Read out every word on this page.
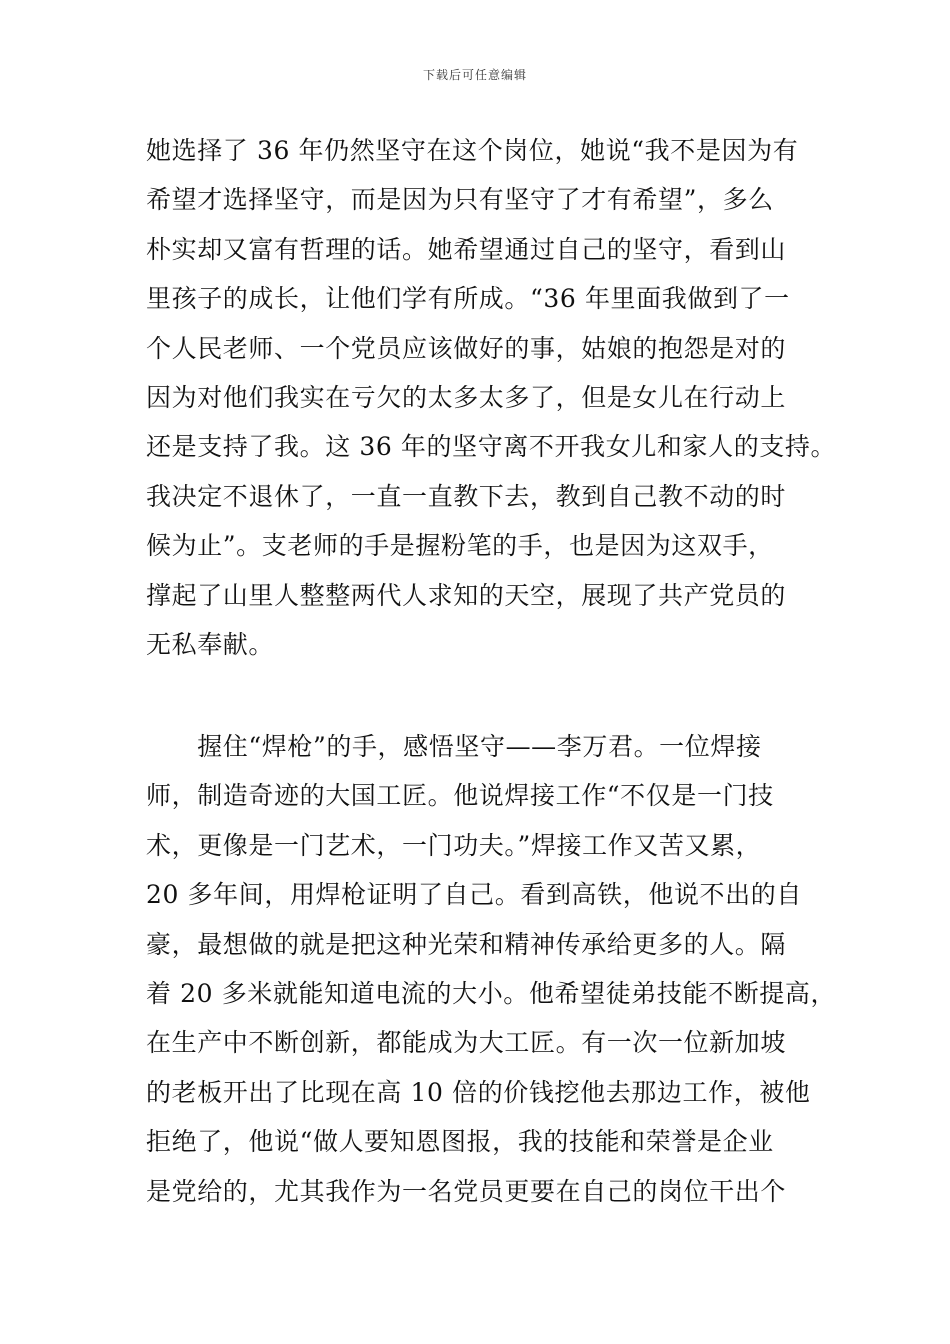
下载后可任意编辑
她选择了 36 年仍然坚守在这个岗位，她说“我不是因为有
希望才选择坚守，而是因为只有坚守了才有希望”，多么
朴实却又富有哲理的话。她希望通过自己的坚守，看到山
里孩子的成长，让他们学有所成。“36 年里面我做到了一
个人民老师、一个党员应该做好的事，姑娘的抱怨是对的
因为对他们我实在亏欠的太多太多了，但是女儿在行动上
还是支持了我。这 36 年的坚守离不开我女儿和家人的支持。
我决定不退休了，一直一直教下去，教到自己教不动的时
候为止”。支老师的手是握粉笔的手，也是因为这双手，
撑起了山里人整整两代人求知的天空，展现了共产党员的
无私奉献。
　　握住“焊枪”的手，感悟坚守——李万君。一位焊接
师，制造奇迹的大国工匠。他说焊接工作“不仅是一门技
术，更像是一门艺术，一门功夫。”焊接工作又苦又累，
20 多年间，用焊枪证明了自己。看到高铁，他说不出的自
豪，最想做的就是把这种光荣和精神传承给更多的人。隔
着 20 多米就能知道电流的大小。他希望徒弟技能不断提高，
在生产中不断创新，都能成为大工匠。有一次一位新加坡
的老板开出了比现在高 10 倍的价钱挖他去那边工作，被他
拒绝了，他说“做人要知恩图报，我的技能和荣誉是企业
是党给的，尤其我作为一名党员更要在自己的岗位干出个
